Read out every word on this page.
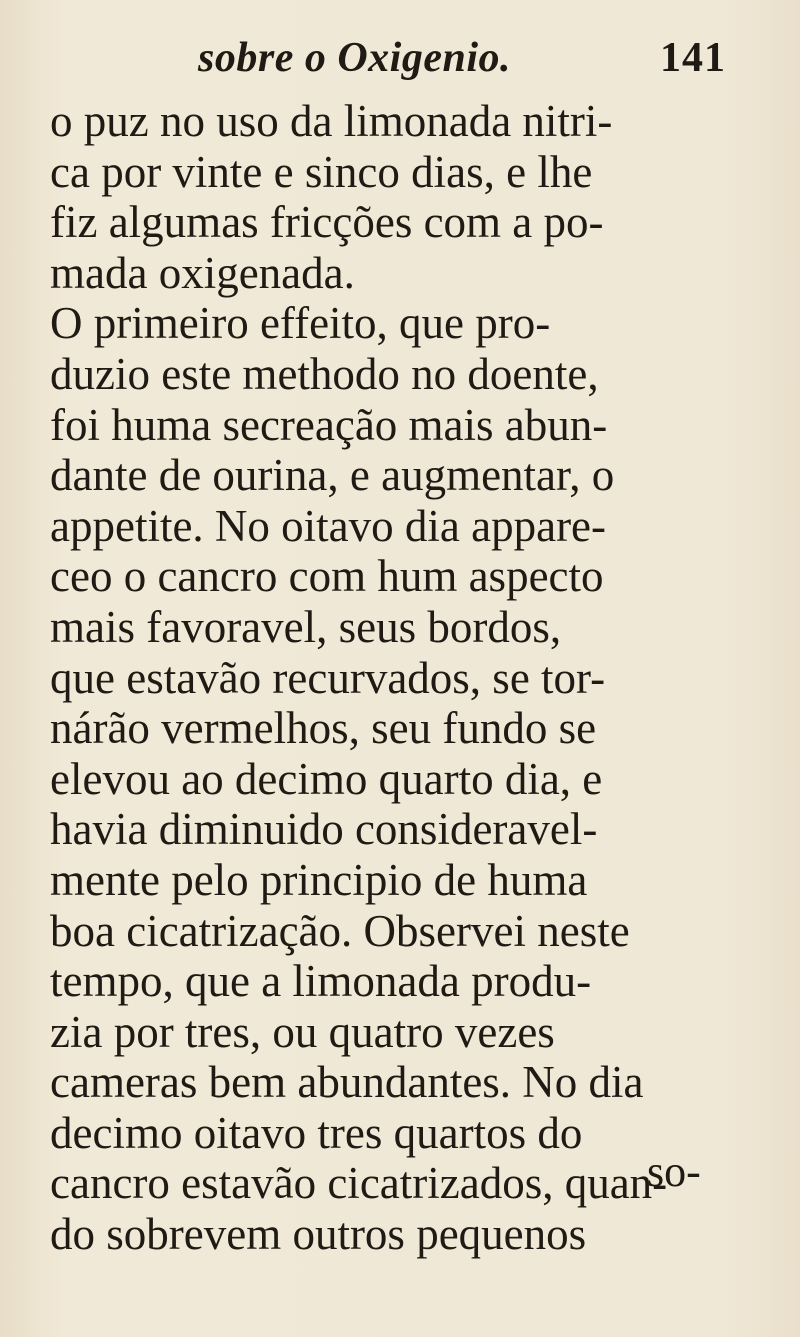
sobre o Oxigenio.	141
o puz no uso da limonada nitri-
ca por vinte e sinco dias, e lhe
fiz algumas fricções com a po-
mada oxigenada.
O primeiro effeito, que pro-
duzio este methodo no doente,
foi huma secreação mais abun-
dante de ourina, e augmentar, o
appetite. No oitavo dia appare-
ceo o cancro com hum aspecto
mais favoravel, seus bordos,
que estavão recurvados, se tor-
nárão vermelhos, seu fundo se
elevou ao decimo quarto dia, e
havia diminuido consideravel-
mente pelo principio de huma
boa cicatrização. Observei neste
tempo, que a limonada produ-
zia por tres, ou quatro vezes
cameras bem abundantes. No dia
decimo oitavo tres quartos do
cancro estavão cicatrizados, quan-
do sobrevem outros pequenos
so-
